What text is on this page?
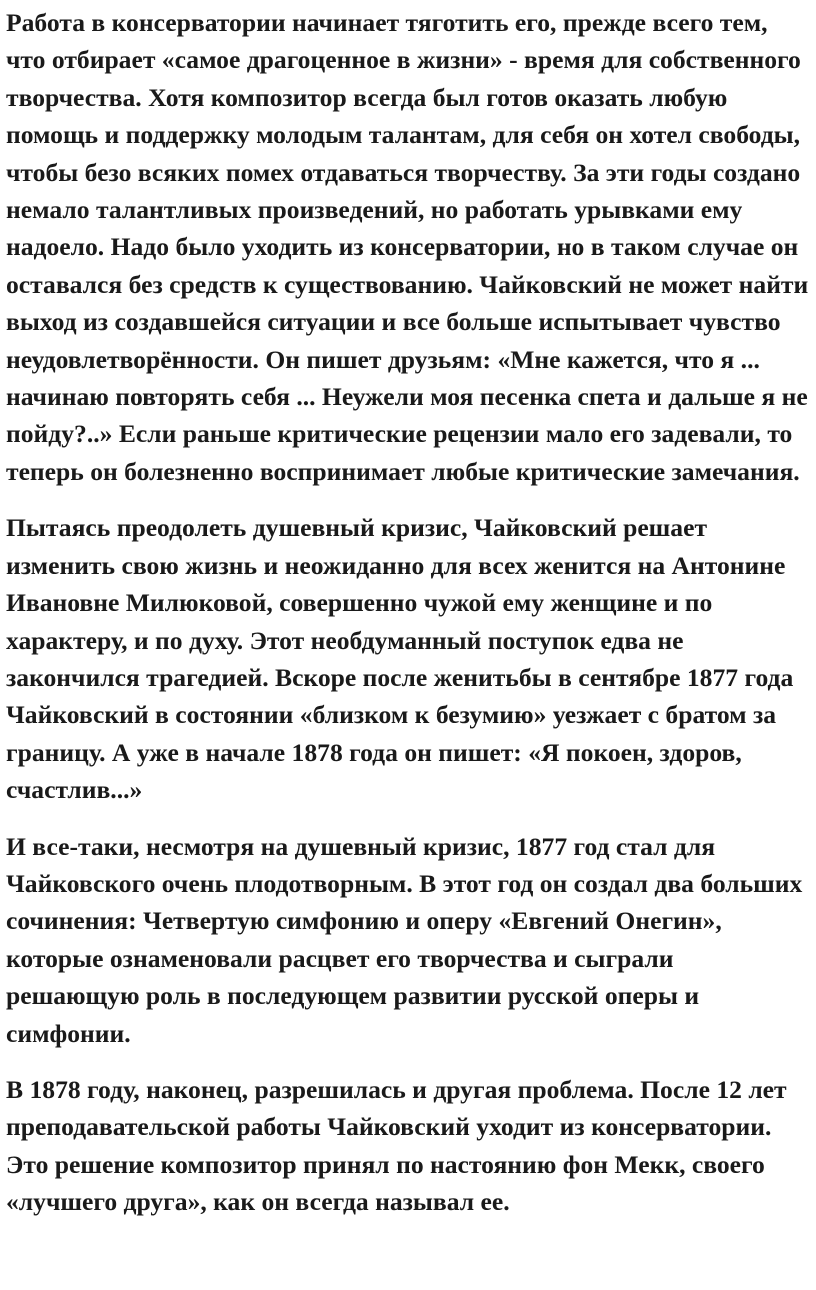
Работа в консерватории начинает тяготить его, прежде всего тем, что отбирает «самое драгоценное в жизни» - время для собственного творчества. Хотя композитор всегда был готов оказать любую помощь и поддержку молодым талантам, для себя он хотел свободы, чтобы безо всяких помех отдаваться творчеству. За эти годы создано немало талантливых произведений, но работать урывками ему надоело. Надо было уходить из консерватории, но в таком случае он оставался без средств к существованию. Чайковский не может найти выход из создавшейся ситуации и все больше испытывает чувство неудовлетворённости. Он пишет друзьям: «Мне кажется, что я ... начинаю повторять себя ... Неужели моя песенка спета и дальше я не пойду?..» Если раньше критические рецензии мало его задевали, то теперь он болезненно воспринимает любые критические замечания.

Пытаясь преодолеть душевный кризис, Чайковский решает изменить свою жизнь и неожиданно для всех женится на Антонине Ивановне Милюковой, совершенно чужой ему женщине и по характеру, и по духу. Этот необдуманный поступок едва не закончился трагедией. Вскоре после женитьбы в сентябре 1877 года Чайковский в состоянии «близком к безумию» уезжает с братом за границу. А уже в начале 1878 года он пишет: «Я покоен, здоров, счастлив...»

И все-таки, несмотря на душевный кризис, 1877 год стал для Чайковского очень плодотворным. В этот год он создал два больших сочинения: Четвертую симфонию и оперу «Евгений Онегин», которые ознаменовали расцвет его творчества и сыграли решающую роль в последующем развитии русской оперы и симфонии.

В 1878 году, наконец, разрешилась и другая проблема. После 12 лет преподавательской работы Чайковский уходит из консерватории. Это решение композитор принял по настоянию фон Мекк, своего «лучшего друга», как он всегда называл ее.
